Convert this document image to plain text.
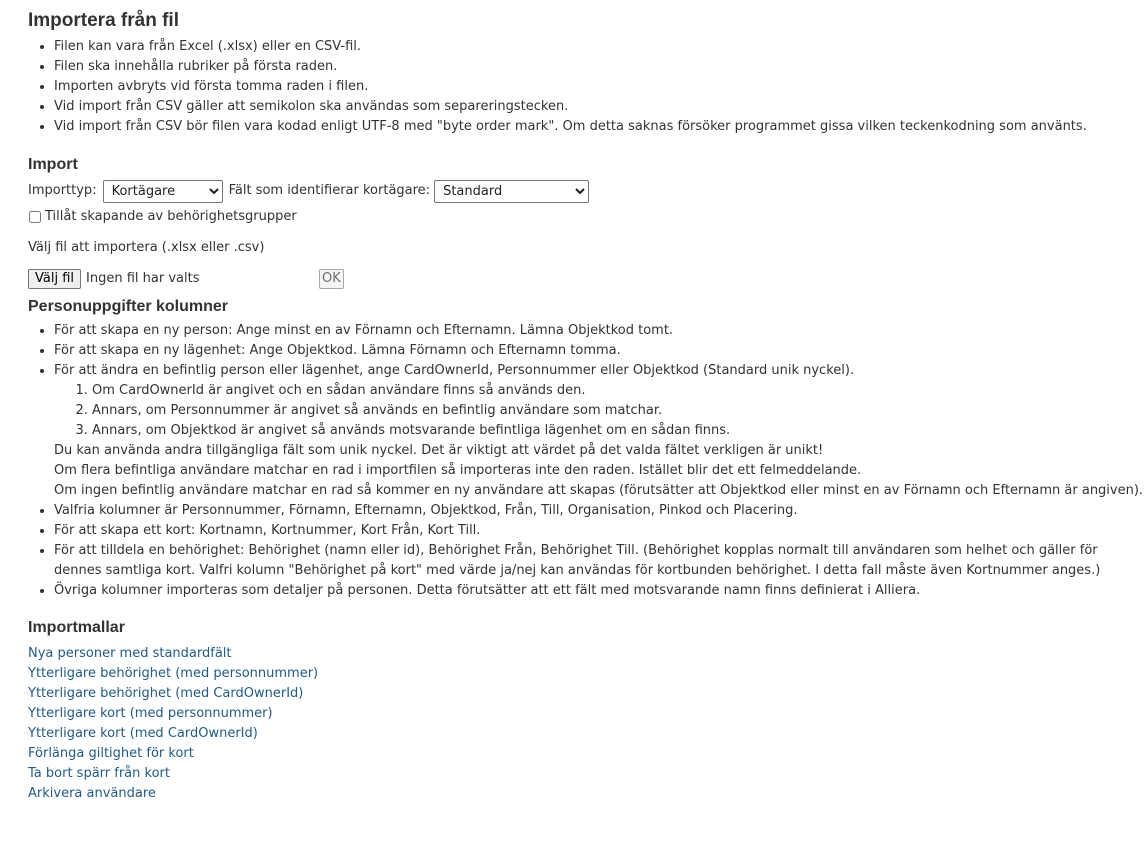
Importera från fil
• Filen kan vara från Excel (.xlsx) eller en CSV-fil.
• Filen ska innehålla rubriker på första raden.
• Importen avbryts vid första tomma raden i filen.
• Vid import från CSV gäller att semikolon ska användas som separeringstecken.
• Vid import från CSV bör filen vara kodad enligt UTF-8 med "byte order mark". Om detta saknas försöker programmet gissa vilken teckenkodning som använts.
Import
Importtyp:
Kortägare	Fält som identifierar kortägare:
Standard
Tillåt skapande av behörighetsgrupper
Välj fil att importera (.xlsx eller .csv)
Välj fil Ingen fil har valts	OK
Personuppgifter kolumner
• För att skapa en ny person: Ange minst en av Förnamn och Efternamn. Lämna Objektkod tomt.
• För att skapa en ny lägenhet: Ange Objektkod. Lämna Förnamn och Efternamn tomma.
• För att ändra en befintlig person eller lägenhet, ange CardOwnerId, Personnummer eller Objektkod (Standard unik nyckel).
1. Om CardOwnerId är angivet och en sådan användare finns så används den.
2. Annars, om Personnummer är angivet så används en befintlig användare som matchar.
3. Annars, om Objektkod är angivet så används motsvarande befintliga lägenhet om en sådan finns.
Du kan använda andra tillgängliga fält som unik nyckel. Det är viktigt att värdet på det valda fältet verkligen är unikt!
Om flera befintliga användare matchar en rad i importfilen så importeras inte den raden. Istället blir det ett felmeddelande.
Om ingen befintlig användare matchar en rad så kommer en ny användare att skapas (förutsätter att Objektkod eller minst en av Förnamn och Efternamn är angiven).
• Valfria kolumner är Personnummer, Förnamn, Efternamn, Objektkod, Från, Till, Organisation, Pinkod och Placering.
• För att skapa ett kort: Kortnamn, Kortnummer, Kort Från, Kort Till.
• För att tilldela en behörighet: Behörighet (namn eller id), Behörighet Från, Behörighet Till. (Behörighet kopplas normalt till användaren som helhet och gäller för dennes samtliga kort. Valfri kolumn "Behörighet på kort" med värde ja/nej kan användas för kortbunden behörighet. I detta fall måste även Kortnummer anges.)
• Övriga kolumner importeras som detaljer på personen. Detta förutsätter att ett fält med motsvarande namn finns definierat i Alliera.
Importmallar
Nya personer med standardfält
Ytterligare behörighet (med personnummer)
Ytterligare behörighet (med CardOwnerId)
Ytterligare kort (med personnummer)
Ytterligare kort (med CardOwnerId)
Förlänga giltighet för kort
Ta bort spärr från kort
Arkivera användare
